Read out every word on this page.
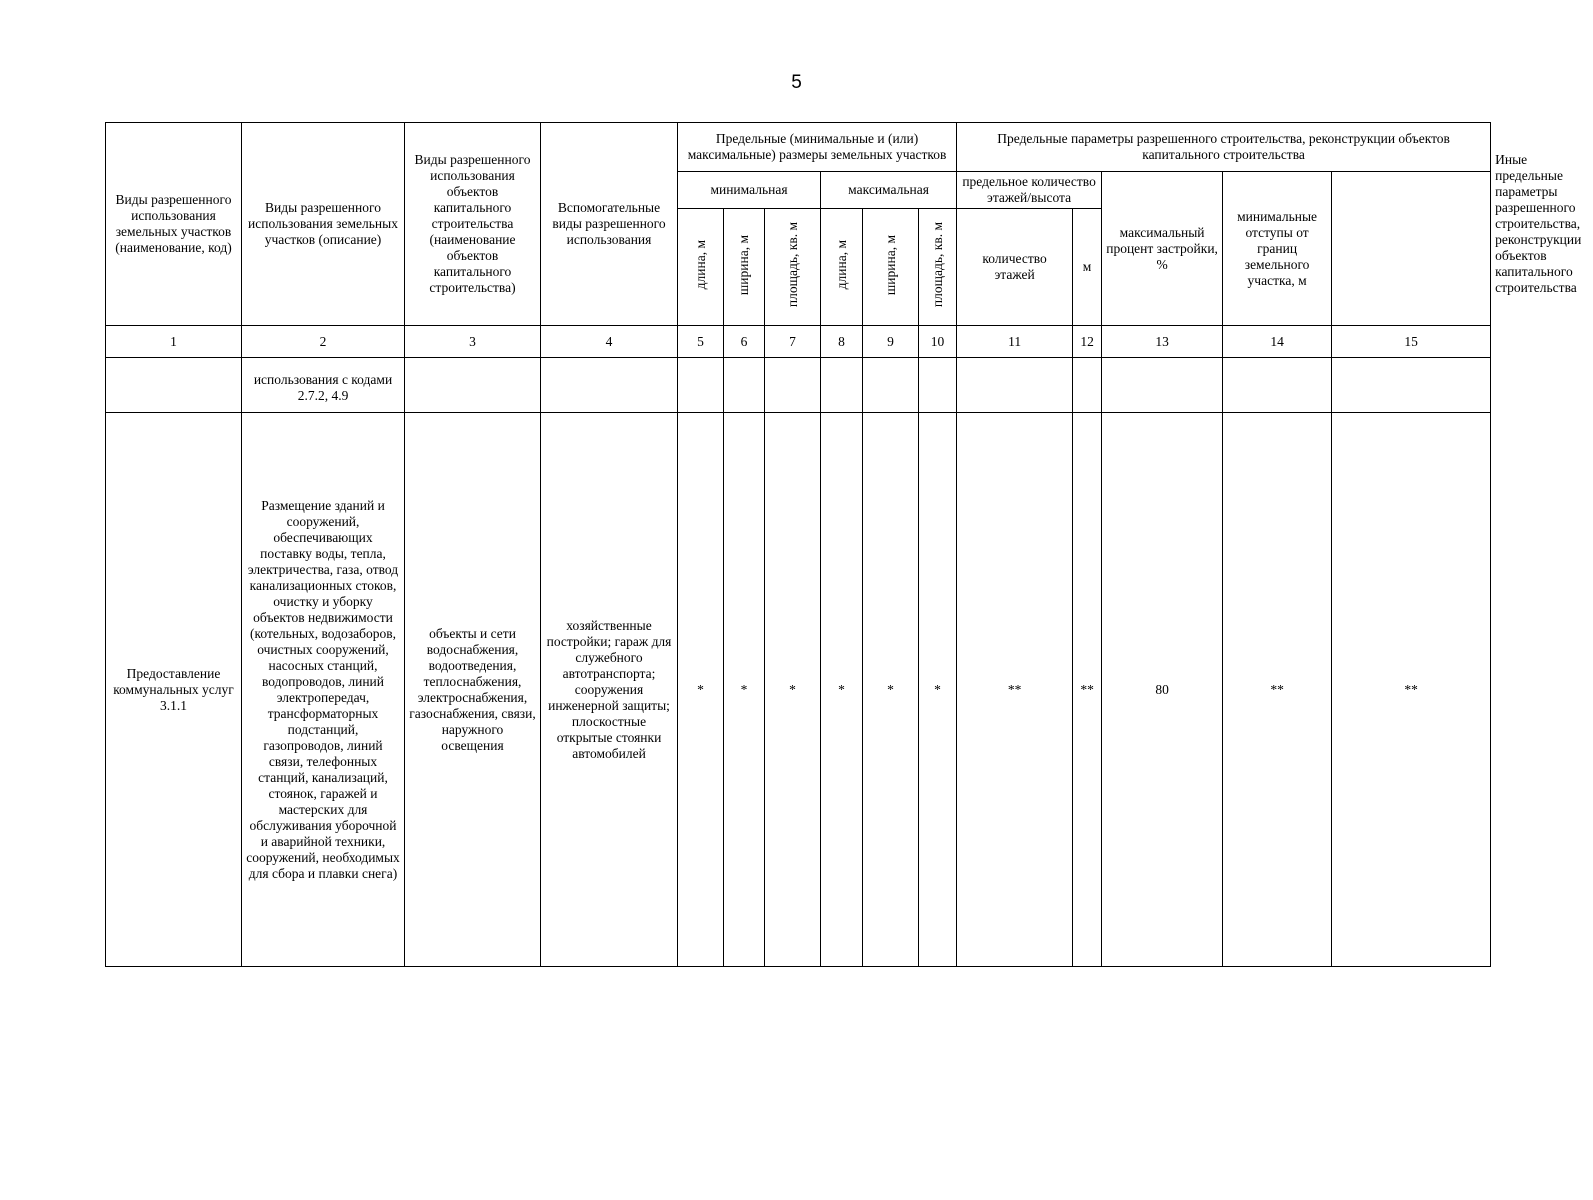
5
Виды разрешенного использования земельных участков (наименование, код)	Виды разрешенного использования земельных участков (описание)	Виды разрешенного использования объектов капитального строительства (наименование объектов капитального строительства)	Вспомогательные виды разрешенного использования	Предельные (минимальные и (или) максимальные) размеры земельных участков						Предельные параметры разрешенного строительства, реконструкции объектов капитального строительства					Иные предельные параметры разрешенного строительства, реконструкции объектов капитального строительства
										предельное количество этажей/высота		максимальный процент застройки, %	минимальные отступы от границ земельного участка, м		
				минимальная			максимальная								
				длина, м	ширина, м	площадь, кв. м	длина, м	ширина, м	площадь, кв. м	количество этажей	м				
1	2	3	4	5	6	7	8	9	10	11	12	13	14	15	
	использования с кодами 2.7.2, 4.9														
Предоставление коммунальных услуг 3.1.1	Размещение зданий и сооружений, обеспечивающих поставку воды, тепла, электричества, газа, отвод канализационных стоков, очистку и уборку объектов недвижимости (котельных, водозаборов, очистных сооружений, насосных станций, водопроводов, линий электропередач, трансформаторных подстанций, газопроводов, линий связи, телефонных станций, канализаций, стоянок, гаражей и мастерских для обслуживания уборочной и аварийной техники, сооружений, необходимых для сбора и плавки снега)	объекты и сети водоснабжения, водоотведения, теплоснабжения, электроснабжения, газоснабжения, связи, наружного освещения	хозяйственные постройки; гараж для служебного автотранспорта; сооружения инженерной защиты; плоскостные открытые стоянки автомобилей	*	*	*	*	*	*	**	**	80	**	**	
